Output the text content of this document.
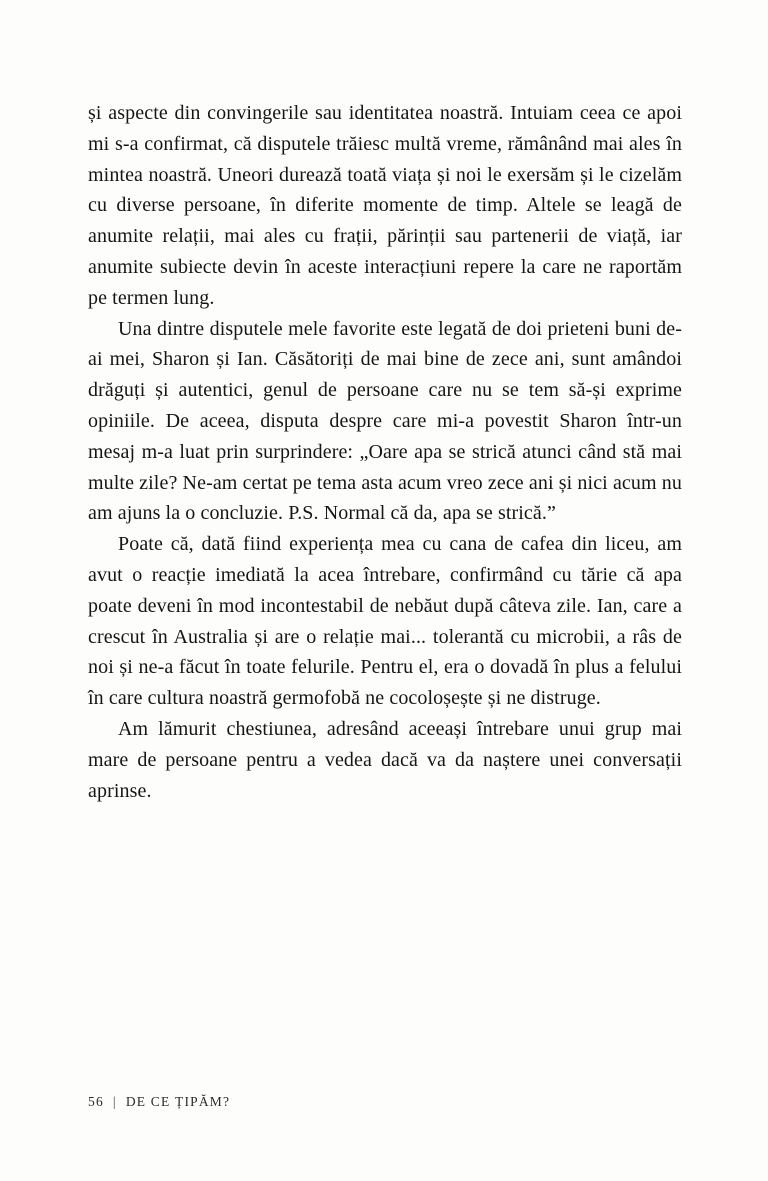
și aspecte din convingerile sau identitatea noastră. Intuiam ceea ce apoi mi s-a confirmat, că disputele trăiesc multă vreme, rămânând mai ales în mintea noastră. Uneori durează toată viața și noi le exersăm și le cizelăm cu diverse persoane, în diferite momente de timp. Altele se leagă de anumite relații, mai ales cu frații, părinții sau partenerii de viață, iar anumite subiecte devin în aceste interacțiuni repere la care ne raportăm pe termen lung.

Una dintre disputele mele favorite este legată de doi prieteni buni de-ai mei, Sharon și Ian. Căsătoriți de mai bine de zece ani, sunt amândoi drăguți și autentici, genul de persoane care nu se tem să-și exprime opiniile. De aceea, disputa despre care mi-a povestit Sharon într-un mesaj m-a luat prin surprindere: „Oare apa se strică atunci când stă mai multe zile? Ne-am certat pe tema asta acum vreo zece ani și nici acum nu am ajuns la o concluzie. P.S. Normal că da, apa se strică.”

Poate că, dată fiind experiența mea cu cana de cafea din liceu, am avut o reacție imediată la acea întrebare, confirmând cu tărie că apa poate deveni în mod incontestabil de nebăut după câteva zile. Ian, care a crescut în Australia și are o relație mai... tolerantă cu microbii, a râs de noi și ne-a făcut în toate felurile. Pentru el, era o dovadă în plus a felului în care cultura noastră germofobă ne cocoloșește și ne distruge.

Am lămurit chestiunea, adresând aceeași întrebare unui grup mai mare de persoane pentru a vedea dacă va da naștere unei conversații aprinse.

56 | DE CE ȚIPĂM?
